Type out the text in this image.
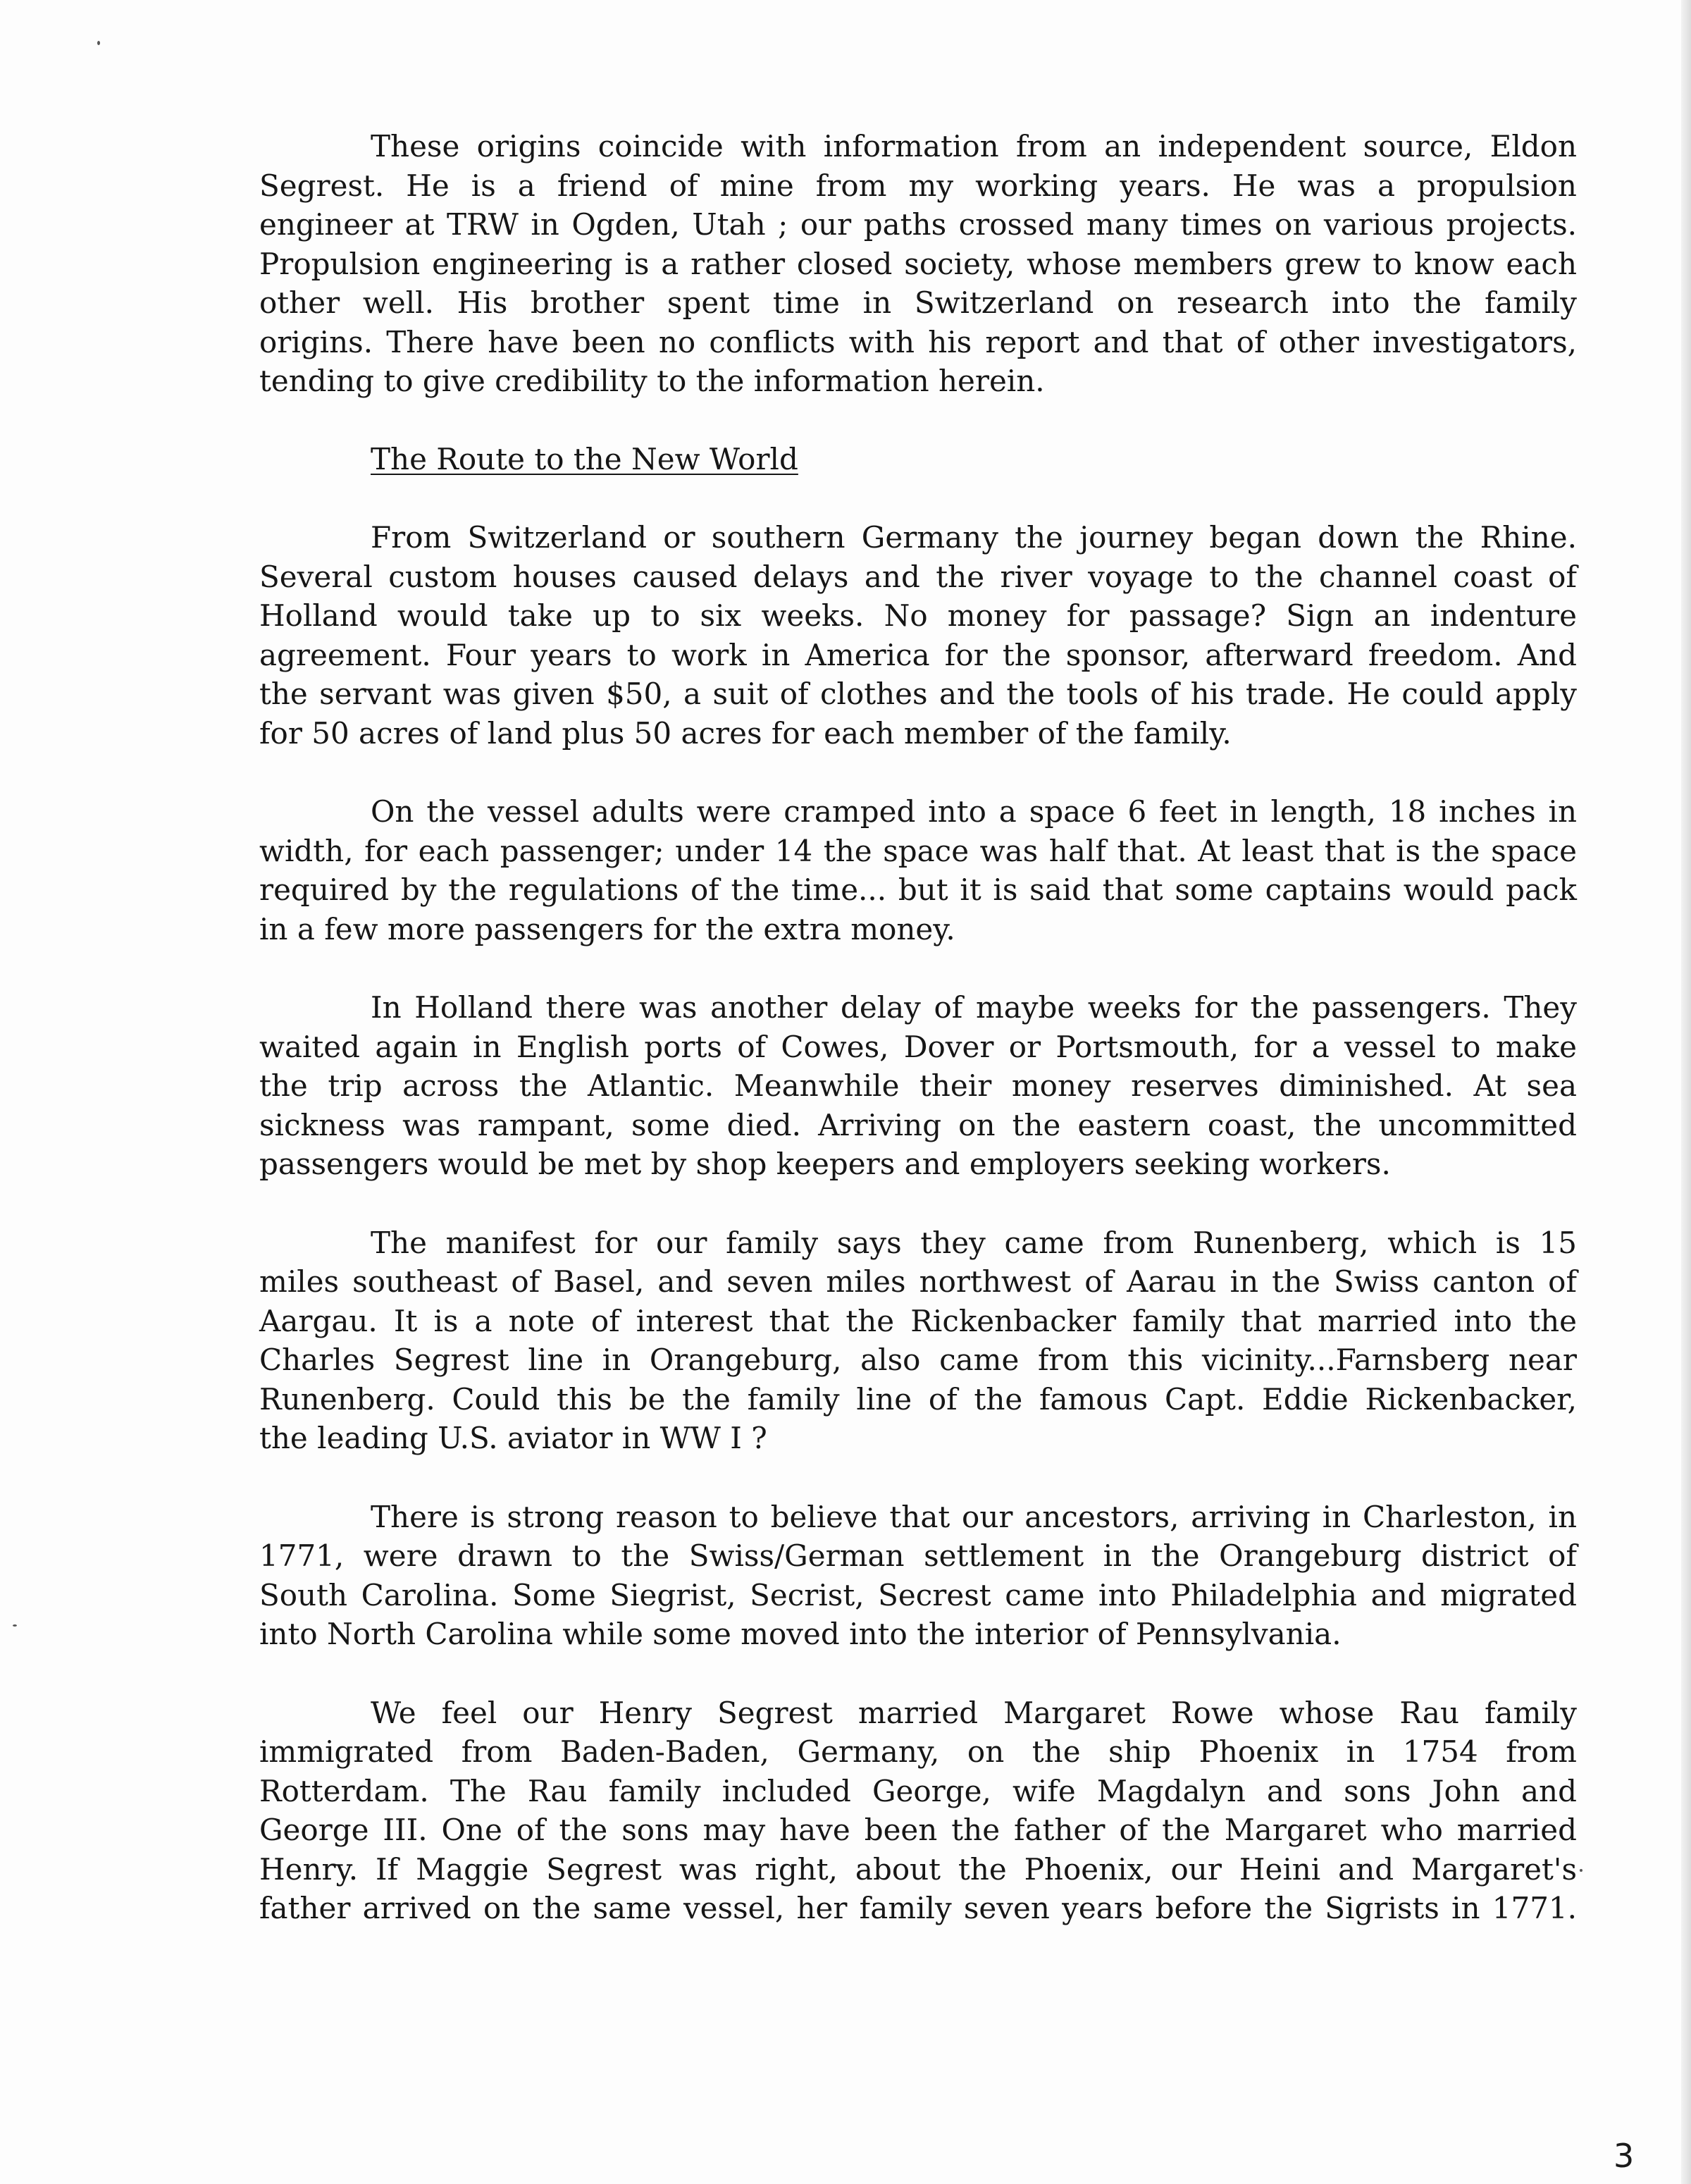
These origins coincide with information from an independent source, Eldon
Segrest. He is a friend of mine from my working years. He was a propulsion
engineer at TRW in Ogden, Utah ; our paths crossed many times on various projects.
Propulsion engineering is a rather closed society, whose members grew to know each
other well. His brother spent time in Switzerland on research into the family
origins. There have been no conflicts with his report and that of other investigators,
tending to give credibility to the information herein.

The Route to the New World

From Switzerland or southern Germany the journey began down the Rhine.
Several custom houses caused delays and the river voyage to the channel coast of
Holland would take up to six weeks. No money for passage? Sign an indenture
agreement. Four years to work in America for the sponsor, afterward freedom. And
the servant was given $50, a suit of clothes and the tools of his trade. He could apply
for 50 acres of land plus 50 acres for each member of the family.

On the vessel adults were cramped into a space 6 feet in length, 18 inches in
width, for each passenger; under 14 the space was half that. At least that is the space
required by the regulations of the time... but it is said that some captains would pack
in a few more passengers for the extra money.

In Holland there was another delay of maybe weeks for the passengers. They
waited again in English ports of Cowes, Dover or Portsmouth, for a vessel to make
the trip across the Atlantic. Meanwhile their money reserves diminished. At sea
sickness was rampant, some died. Arriving on the eastern coast, the uncommitted
passengers would be met by shop keepers and employers seeking workers.

The manifest for our family says they came from Runenberg, which is 15
miles southeast of Basel, and seven miles northwest of Aarau in the Swiss canton of
Aargau. It is a note of interest that the Rickenbacker family that married into the
Charles Segrest line in Orangeburg, also came from this vicinity...Farnsberg near
Runenberg. Could this be the family line of the famous Capt. Eddie Rickenbacker,
the leading U.S. aviator in WW I ?

There is strong reason to believe that our ancestors, arriving in Charleston, in
1771, were drawn to the Swiss/German settlement in the Orangeburg district of
South Carolina. Some Siegrist, Secrist, Secrest came into Philadelphia and migrated
into North Carolina while some moved into the interior of Pennsylvania.

We feel our Henry Segrest married Margaret Rowe whose Rau family
immigrated from Baden-Baden, Germany, on the ship Phoenix in 1754 from
Rotterdam. The Rau family included George, wife Magdalyn and sons John and
George III. One of the sons may have been the father of the Margaret who married
Henry. If Maggie Segrest was right, about the Phoenix, our Heini and Margaret's
father arrived on the same vessel, her family seven years before the Sigrists in 1771.

3
